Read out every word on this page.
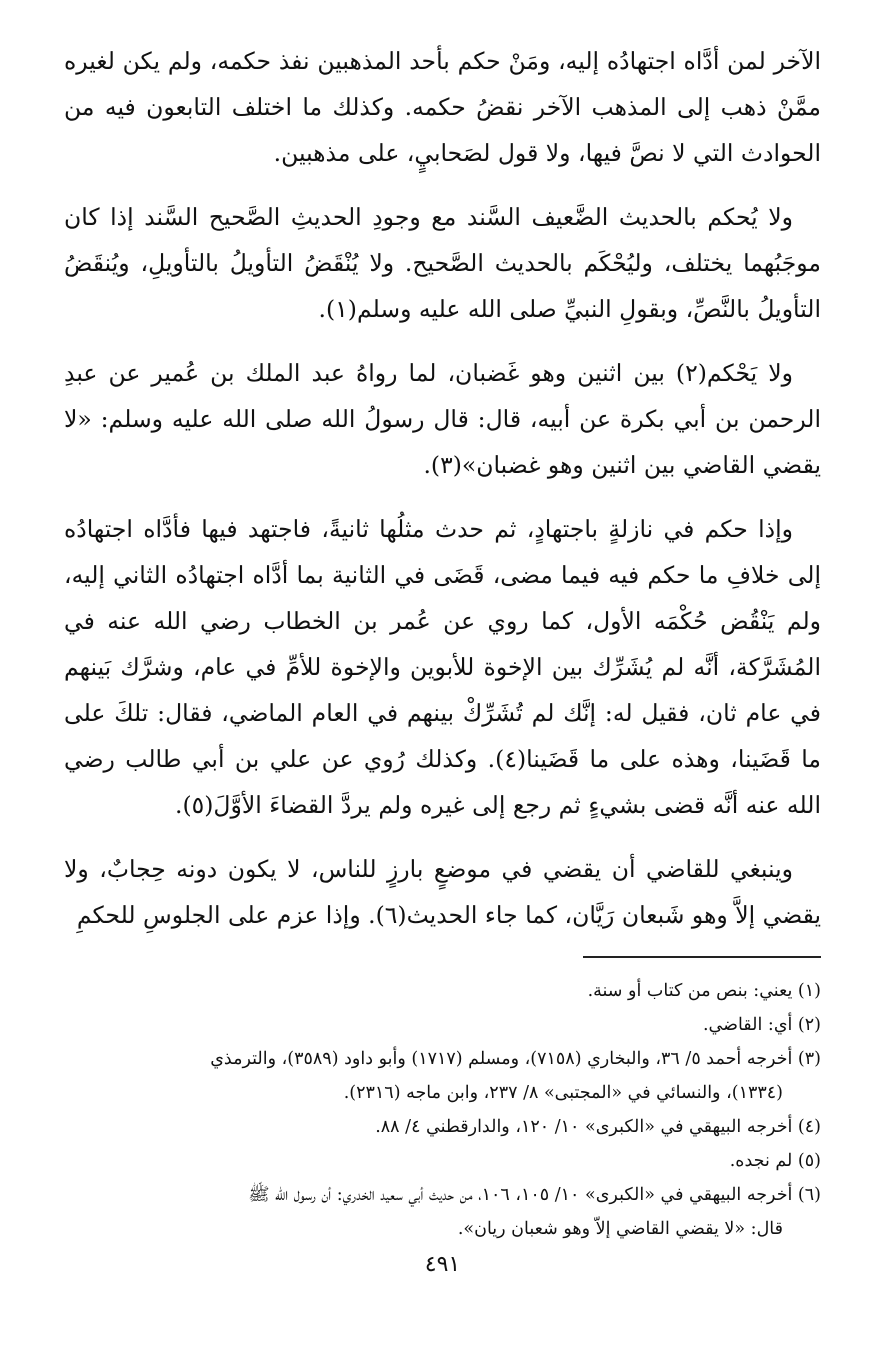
الآخر لمن أدَّاه اجتهادُه إليه، ومَنْ حكم بأحد المذهبين نفذ حكمه، ولم يكن لغيره ممَّنْ ذهب إلى المذهب الآخر نقضُ حكمه. وكذلك ما اختلف التابعون فيه من الحوادث التي لا نصَّ فيها، ولا قول لصَحابيٍ، على مذهبين.

ولا يُحكم بالحديث الضَّعيف السَّند مع وجودِ الحديثِ الصَّحيح السَّند إذا كان موجَبُهما يختلف، وليُحْكَم بالحديث الصَّحيح. ولا يُنْقَضُ التأويلُ بالتأويلِ، ويُنقَضُ التأويلُ بالنَّصِّ، وبقولِ النبيِّ صلى الله عليه وسلم(١).

ولا يَحْكم(٢) بين اثنين وهو غَضبان، لما رواهُ عبد الملك بن عُمير عن عبدِ الرحمن بن أبي بكرة عن أبيه، قال: قال رسولُ الله صلى الله عليه وسلم: «لا يقضي القاضي بين اثنين وهو غضبان»(٣).

وإذا حكم في نازلةٍ باجتهادٍ، ثم حدث مثلُها ثانيةً، فاجتهد فيها فأدَّاه اجتهادُه إلى خلافِ ما حكم فيه فيما مضى، قَضَى في الثانية بما أدَّاه اجتهادُه الثاني إليه، ولم يَنْقُض حُكْمَه الأول، كما روي عن عُمر بن الخطاب رضي الله عنه في المُشَرَّكة، أنَّه لم يُشَرِّك بين الإخوة للأبوين والإخوة للأمِّ في عام، وشرَّك بَينهم في عام ثان، فقيل له: إنَّك لم تُشَرِّكْ بينهم في العام الماضي، فقال: تلكَ على ما قَضَينا، وهذه على ما قَضَينا(٤). وكذلك رُوي عن علي بن أبي طالب رضي الله عنه أنَّه قضى بشيءٍ ثم رجع إلى غيره ولم يردَّ القضاءَ الأوَّلَ(٥).

وينبغي للقاضي أن يقضي في موضعٍ بارزٍ للناس، لا يكون دونه حِجابٌ، ولا يقضي إلاَّ وهو شَبعان رَيَّان، كما جاء الحديث(٦). وإذا عزم على الجلوسِ للحكمِ

(١) يعني: بنص من كتاب أو سنة.

(٢) أي: القاضي.

(٣) أخرجه أحمد ٥/ ٣٦، والبخاري (٧١٥٨)، ومسلم (١٧١٧) وأبو داود (٣٥٨٩)، والترمذي
(١٣٣٤)، والنسائي في «المجتبى» ٨/ ٢٣٧، وابن ماجه (٢٣١٦).

(٤) أخرجه البيهقي في «الكبرى» ١٠/ ١٢٠، والدارقطني ٤/ ٨٨.

(٥) لم نجده.

(٦) أخرجه البيهقي في «الكبرى» ١٠/ ١٠٥، ١٠٦، من حديث أبي سعيد الخدري: أن رسول الله ﷺ
قال: «لا يقضي القاضي إلاّ وهو شعبان ريان».

٤٩١
